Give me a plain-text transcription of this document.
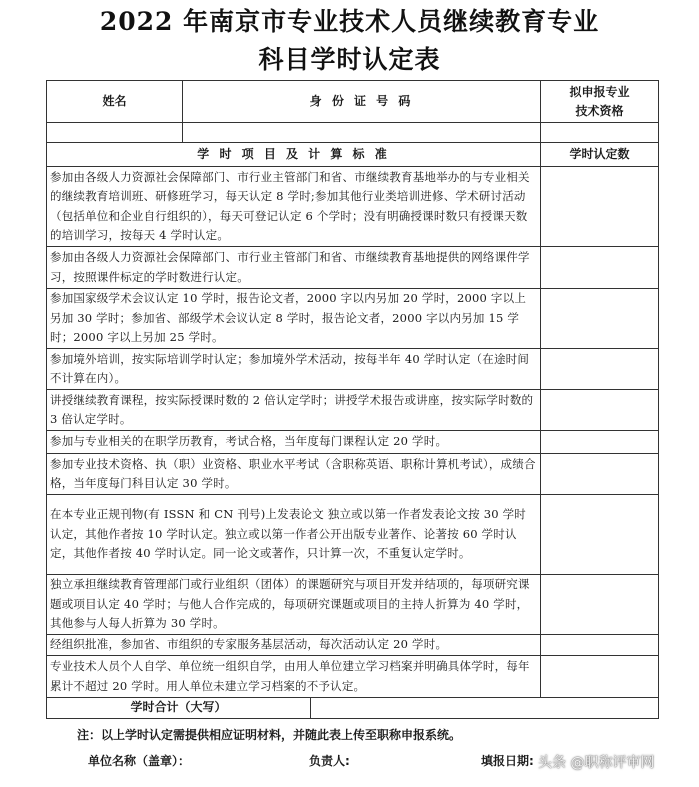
2022 年南京市专业技术人员继续教育专业
科目学时认定表
姓名	身 份 证 号 码		拟申报专业
技术资格

学 时 项 目 及 计 算 标 准			学时认定数
参加由各级人力资源社会保障部门、市行业主管部门和省、市继续教育基地举办的与专业相关的继续教育培训班、研修班学习，每天认定 8 学时;参加其他行业类培训进修、学术研讨活动（包括单位和企业自行组织的），每天可登记认定 6 个学时；没有明确授课时数只有授课天数的培训学习，按每天 4 学时认定。			
参加由各级人力资源社会保障部门、市行业主管部门和省、市继续教育基地提供的网络课件学习，按照课件标定的学时数进行认定。			
参加国家级学术会议认定 10 学时，报告论文者，2000 字以内另加 20 学时，2000 字以上另加 30 学时；参加省、部级学术会议认定 8 学时，报告论文者，2000 字以内另加 15 学时；2000 字以上另加 25 学时。			
参加境外培训，按实际培训学时认定；参加境外学术活动，按每半年 40 学时认定（在途时间不计算在内）。			
讲授继续教育课程，按实际授课时数的 2 倍认定学时；讲授学术报告或讲座，按实际学时数的 3 倍认定学时。			
参加与专业相关的在职学历教育，考试合格，当年度每门课程认定 20 学时。			
参加专业技术资格、执（职）业资格、职业水平考试（含职称英语、职称计算机考试），成绩合格，当年度每门科目认定 30 学时。			
在本专业正规刊物(有 ISSN 和 CN 刊号)上发表论文 独立或以第一作者发表论文按 30 学时认定，其他作者按 10 学时认定。独立或以第一作者公开出版专业著作、论著按 60 学时认定，其他作者按 40 学时认定。同一论文或著作，只计算一次，不重复认定学时。			
独立承担继续教育管理部门或行业组织（团体）的课题研究与项目开发并结项的，每项研究课题或项目认定 40 学时；与他人合作完成的，每项研究课题或项目的主持人折算为 40 学时，其他参与人每人折算为 30 学时。			
经组织批准，参加省、市组织的专家服务基层活动，每次活动认定 20 学时。			
专业技术人员个人自学、单位统一组织自学，由用人单位建立学习档案并明确具体学时，每年累计不超过 20 学时。用人单位未建立学习档案的不予认定。			
学时合计（大写）			
注：以上学时认定需提供相应证明材料，并随此表上传至职称申报系统。
单位名称（盖章）：	负责人:	填报日期: 头条 @职称评审网
